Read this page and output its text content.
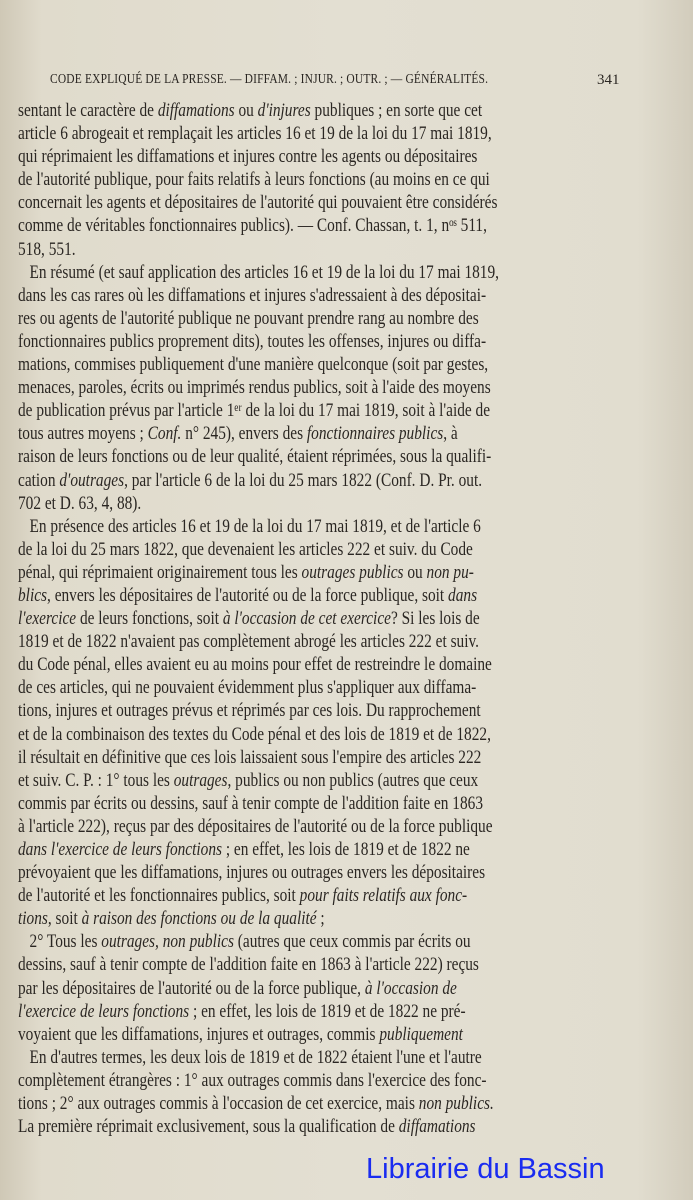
CODE EXPLIQUÉ DE LA PRESSE. — DIFFAM. ; INJUR. ; OUTR. ; — GÉNÉRALITÉS.	341
sentant le caractère de diffamations ou d'injures publiques ; en sorte que cet
article 6 abrogeait et remplaçait les articles 16 et 19 de la loi du 17 mai 1819,
qui réprimaient les diffamations et injures contre les agents ou dépositaires
de l'autorité publique, pour faits relatifs à leurs fonctions (au moins en ce qui
concernait les agents et dépositaires de l'autorité qui pouvaient être considérés
comme de véritables fonctionnaires publics). — Conf. Chassan, t. 1, nᵒˢ 511,
518, 551.
En résumé (et sauf application des articles 16 et 19 de la loi du 17 mai 1819,
dans les cas rares où les diffamations et injures s'adressaient à des dépositai-
res ou agents de l'autorité publique ne pouvant prendre rang au nombre des
fonctionnaires publics proprement dits), toutes les offenses, injures ou diffa-
mations, commises publiquement d'une manière quelconque (soit par gestes,
menaces, paroles, écrits ou imprimés rendus publics, soit à l'aide des moyens
de publication prévus par l'article 1ᵉʳ de la loi du 17 mai 1819, soit à l'aide de
tous autres moyens ; Conf. n° 245), envers des fonctionnaires publics, à
raison de leurs fonctions ou de leur qualité, étaient réprimées, sous la qualifi-
cation d'outrages, par l'article 6 de la loi du 25 mars 1822 (Conf. D. Pr. out.
702 et D. 63, 4, 88).
En présence des articles 16 et 19 de la loi du 17 mai 1819, et de l'article 6
de la loi du 25 mars 1822, que devenaient les articles 222 et suiv. du Code
pénal, qui réprimaient originairement tous les outrages publics ou non pu-
blics, envers les dépositaires de l'autorité ou de la force publique, soit dans
l'exercice de leurs fonctions, soit à l'occasion de cet exercice? Si les lois de
1819 et de 1822 n'avaient pas complètement abrogé les articles 222 et suiv.
du Code pénal, elles avaient eu au moins pour effet de restreindre le domaine
de ces articles, qui ne pouvaient évidemment plus s'appliquer aux diffama-
tions, injures et outrages prévus et réprimés par ces lois. Du rapprochement
et de la combinaison des textes du Code pénal et des lois de 1819 et de 1822,
il résultait en définitive que ces lois laissaient sous l'empire des articles 222
et suiv. C. P. : 1° tous les outrages, publics ou non publics (autres que ceux
commis par écrits ou dessins, sauf à tenir compte de l'addition faite en 1863
à l'article 222), reçus par des dépositaires de l'autorité ou de la force publique
dans l'exercice de leurs fonctions ; en effet, les lois de 1819 et de 1822 ne
prévoyaient que les diffamations, injures ou outrages envers les dépositaires
de l'autorité et les fonctionnaires publics, soit pour faits relatifs aux fonc-
tions, soit à raison des fonctions ou de la qualité ;
2° Tous les outrages, non publics (autres que ceux commis par écrits ou
dessins, sauf à tenir compte de l'addition faite en 1863 à l'article 222) reçus
par les dépositaires de l'autorité ou de la force publique, à l'occasion de
l'exercice de leurs fonctions ; en effet, les lois de 1819 et de 1822 ne pré-
voyaient que les diffamations, injures et outrages, commis publiquement
En d'autres termes, les deux lois de 1819 et de 1822 étaient l'une et l'autre
complètement étrangères : 1° aux outrages commis dans l'exercice des fonc-
tions ; 2° aux outrages commis à l'occasion de cet exercice, mais non publics.
La première réprimait exclusivement, sous la qualification de diffamations
Librairie du Bassin
